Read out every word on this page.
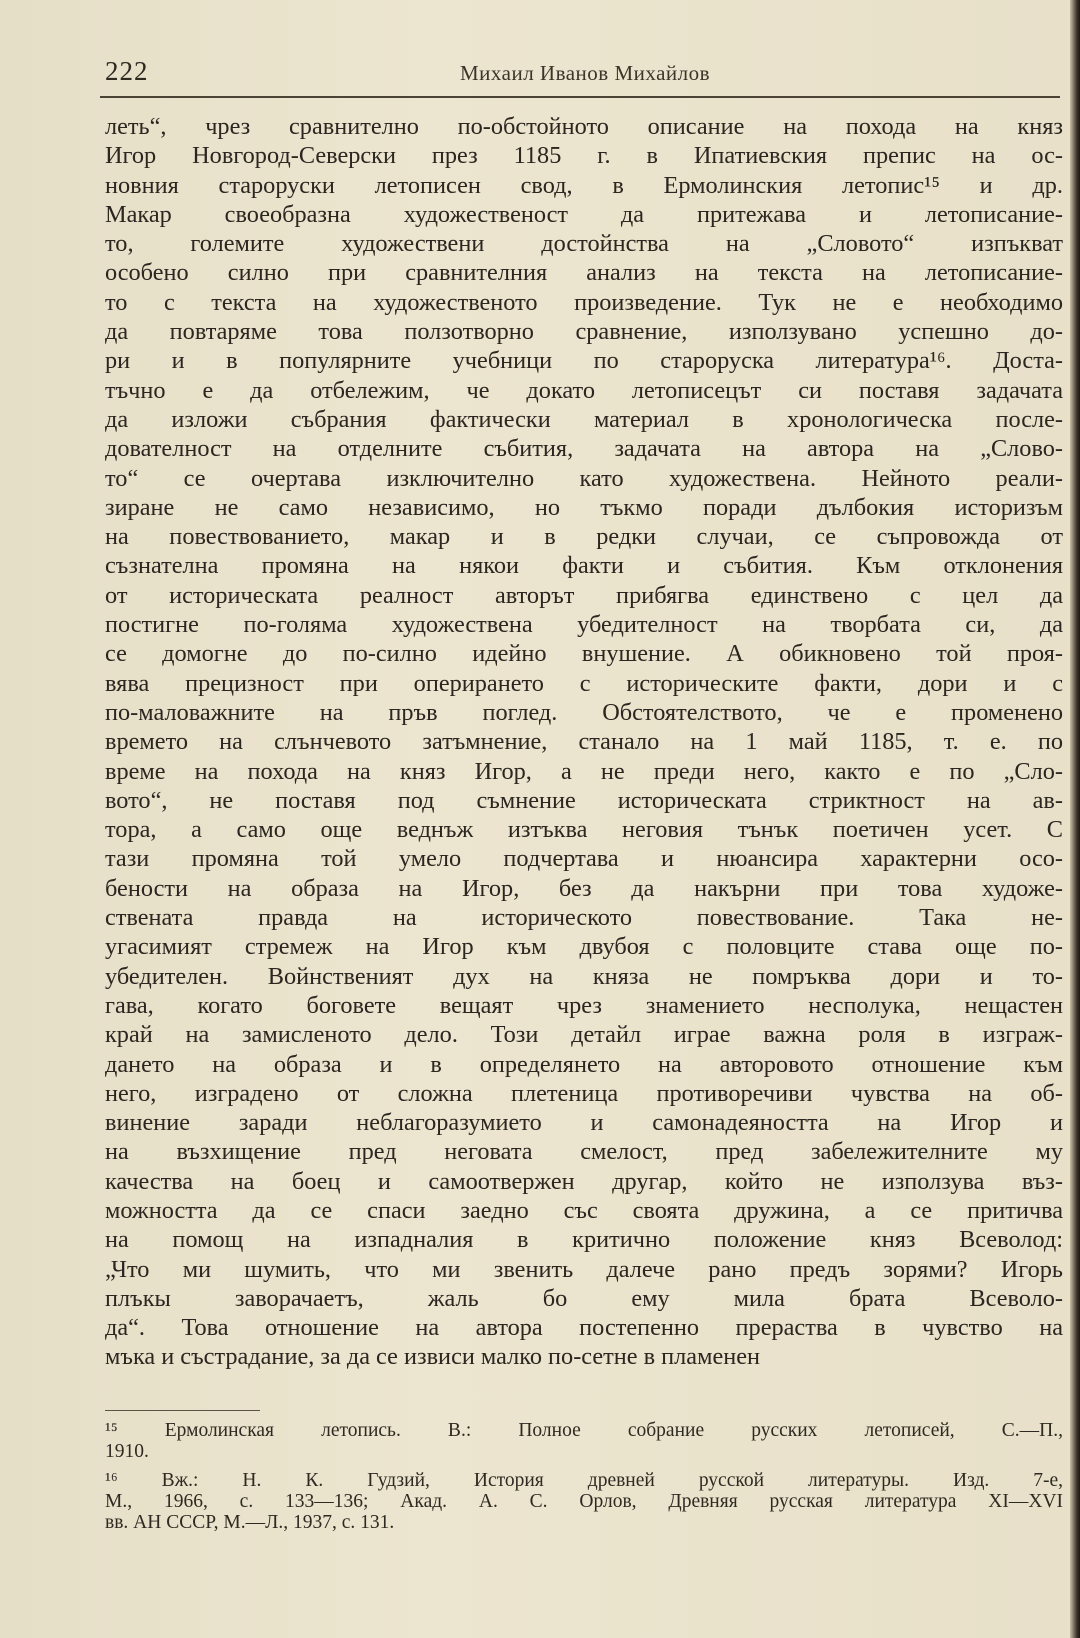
222	Михаил Иванов Михайлов
леть“, чрез сравнително по-обстойното описание на похода на княз
Игор Новгород-Северски през 1185 г. в Ипатиевския препис на ос-
новния староруски летописен свод, в Ермолинския летопис¹⁵ и др.
Макар своеобразна художественост да притежава и летописание-
то, големите художествени достойнства на „Словото“ изпъкват
особено силно при сравнителния анализ на текста на летописание-
то с текста на художественото произведение. Тук не е необходимо
да повтаряме това ползотворно сравнение, използувано успешно до-
ри и в популярните учебници по староруска литература¹⁶. Доста-
тъчно е да отбележим, че докато летописецът си поставя задачата
да изложи събрания фактически материал в хронологическа после-
дователност на отделните събития, задачата на автора на „Слово-
то“ се очертава изключително като художествена. Нейното реали-
зиране не само независимо, но тъкмо поради дълбокия историзъм
на повествованието, макар и в редки случаи, се съпровожда от
съзнателна промяна на някои факти и събития. Към отклонения
от историческата реалност авторът прибягва единствено с цел да
постигне по-голяма художествена убедителност на творбата си, да
се домогне до по-силно идейно внушение. А обикновено той проя-
вява прецизност при оперирането с историческите факти, дори и с
по-маловажните на пръв поглед. Обстоятелството, че е променено
времето на слънчевото затъмнение, станало на 1 май 1185, т. е. по
време на похода на княз Игор, а не преди него, както е по „Сло-
вото“, не поставя под съмнение историческата стриктност на ав-
тора, а само още веднъж изтъква неговия тънък поетичен усет. С
тази промяна той умело подчертава и нюансира характерни осо-
бености на образа на Игор, без да накърни при това художе-
ствената правда на историческото повествование. Така не-
угасимият стремеж на Игор към двубоя с половците става още по-
убедителен. Войнственият дух на княза не помръква дори и то-
гава, когато боговете вещаят чрез знамението несполука, нещастен
край на замисленото дело. Този детайл играе важна роля в изграж-
дането на образа и в определянето на авторовото отношение към
него, изградено от сложна плетеница противоречиви чувства на об-
винение заради неблагоразумието и самонадеяността на Игор и
на възхищение пред неговата смелост, пред забележителните му
качества на боец и самоотвержен другар, който не използува въз-
можността да се спаси заедно със своята дружина, а се притичва
на помощ на изпадналия в критично положение княз Всеволод:
„Что ми шумить, что ми звенить далече рано предъ зорями? Игорь
плъкы заворачаетъ, жаль бо ему мила брата Всеволо-
да“. Това отношение на автора постепенно прераства в чувство на
мъка и състрадание, за да се извиси малко по-сетне в пламенен
¹⁵ Ермолинская летопись. В.: Полное собрание русских летописей, С.—П.,
1910.
¹⁶ Вж.: Н. К. Гудзий, История древней русской литературы. Изд. 7-е,
М., 1966, с. 133—136; Акад. А. С. Орлов, Древняя русская литература XI—XVI
вв. АН СССР, М.—Л., 1937, с. 131.
